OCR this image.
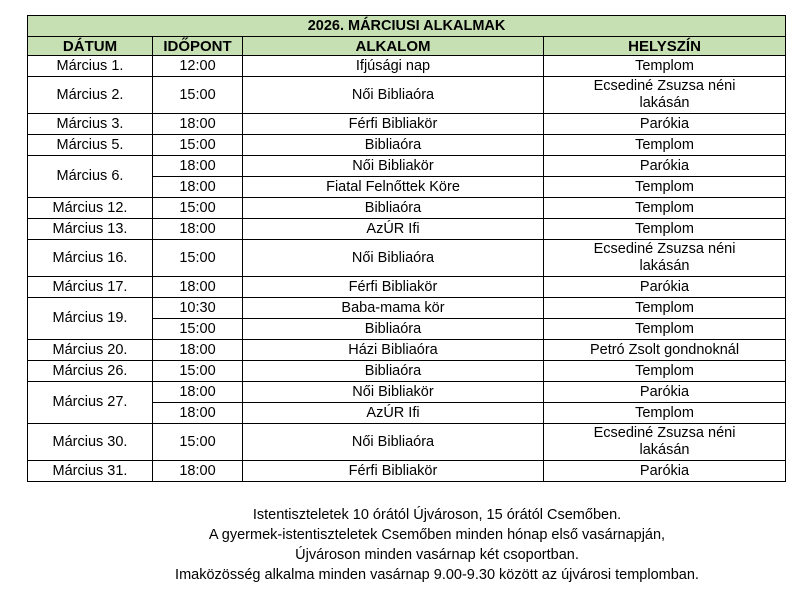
2026. MÁRCIUSI ALKALMAK			
DÁTUM	IDŐPONT	ALKALOM	HELYSZÍN
Március 1.	12:00	Ifjúsági nap	Templom
Március 2.	15:00	Női Bibliaóra	Ecsediné Zsuzsa néni lakásán
Március 3.	18:00	Férfi Bibliakör	Parókia
Március 5.	15:00	Bibliaóra	Templom
Március 6.	18:00	Női Bibliakör	Parókia
	18:00	Fiatal Felnőttek Köre	Templom
Március 12.	15:00	Bibliaóra	Templom
Március 13.	18:00	AzÚR Ifi	Templom
Március 16.	15:00	Női Bibliaóra	Ecsediné Zsuzsa néni lakásán
Március 17.	18:00	Férfi Bibliakör	Parókia
Március 19.	10:30	Baba-mama kör	Templom
	15:00	Bibliaóra	Templom
Március 20.	18:00	Házi Bibliaóra	Petró Zsolt gondnoknál
Március 26.	15:00	Bibliaóra	Templom
Március 27.	18:00	Női Bibliakör	Parókia
	18:00	AzÚR Ifi	Templom
Március 30.	15:00	Női Bibliaóra	Ecsediné Zsuzsa néni lakásán
Március 31.	18:00	Férfi Bibliakör	Parókia
Istentiszteletek 10 órától Újvároson, 15 órától Csemőben.
A gyermek-istentiszteletek Csemőben minden hónap első vasárnapján,
Újvároson minden vasárnap két csoportban.
Imaközösség alkalma minden vasárnap 9.00-9.30 között az újvárosi templomban.
